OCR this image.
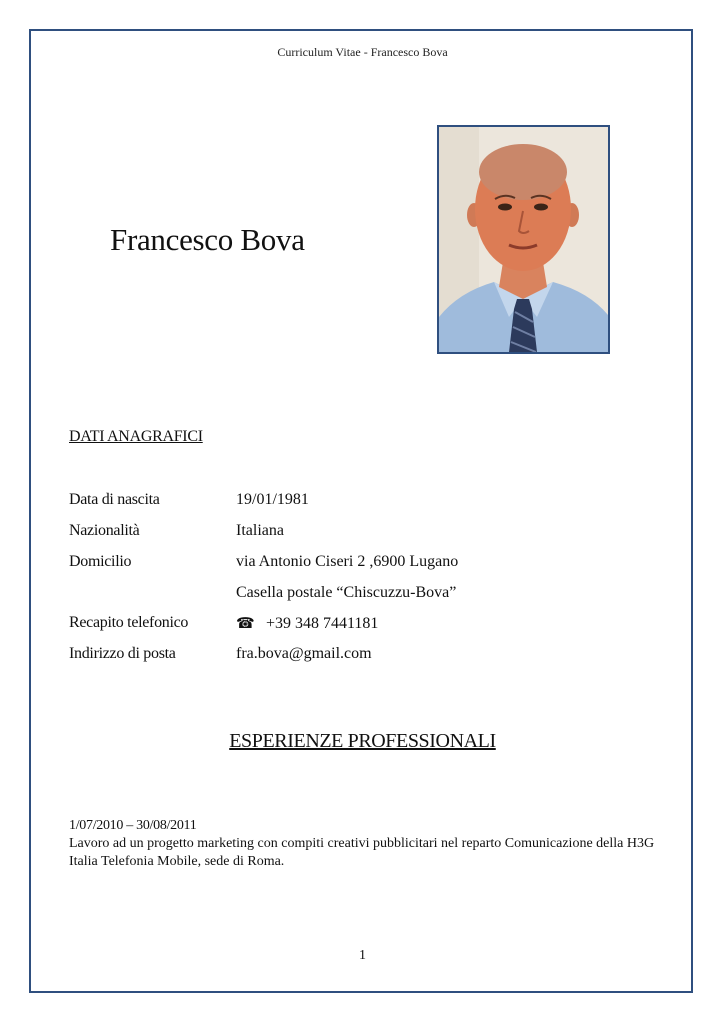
Curriculum Vitae - Francesco Bova
Francesco Bova
DATI ANAGRAFICI
Data di nascita	19/01/1981
Nazionalità	Italiana
Domicilio	via Antonio Ciseri 2 ,6900 Lugano
Casella postale “Chiscuzzu-Bova”
Recapito telefonico	☎ +39 348 7441181
Indirizzo di posta	fra.bova@gmail.com
ESPERIENZE PROFESSIONALI
1/07/2010 – 30/08/2011
Lavoro ad un progetto marketing con compiti creativi pubblicitari nel reparto Comunicazione della H3G Italia Telefonia Mobile, sede di Roma.
1
